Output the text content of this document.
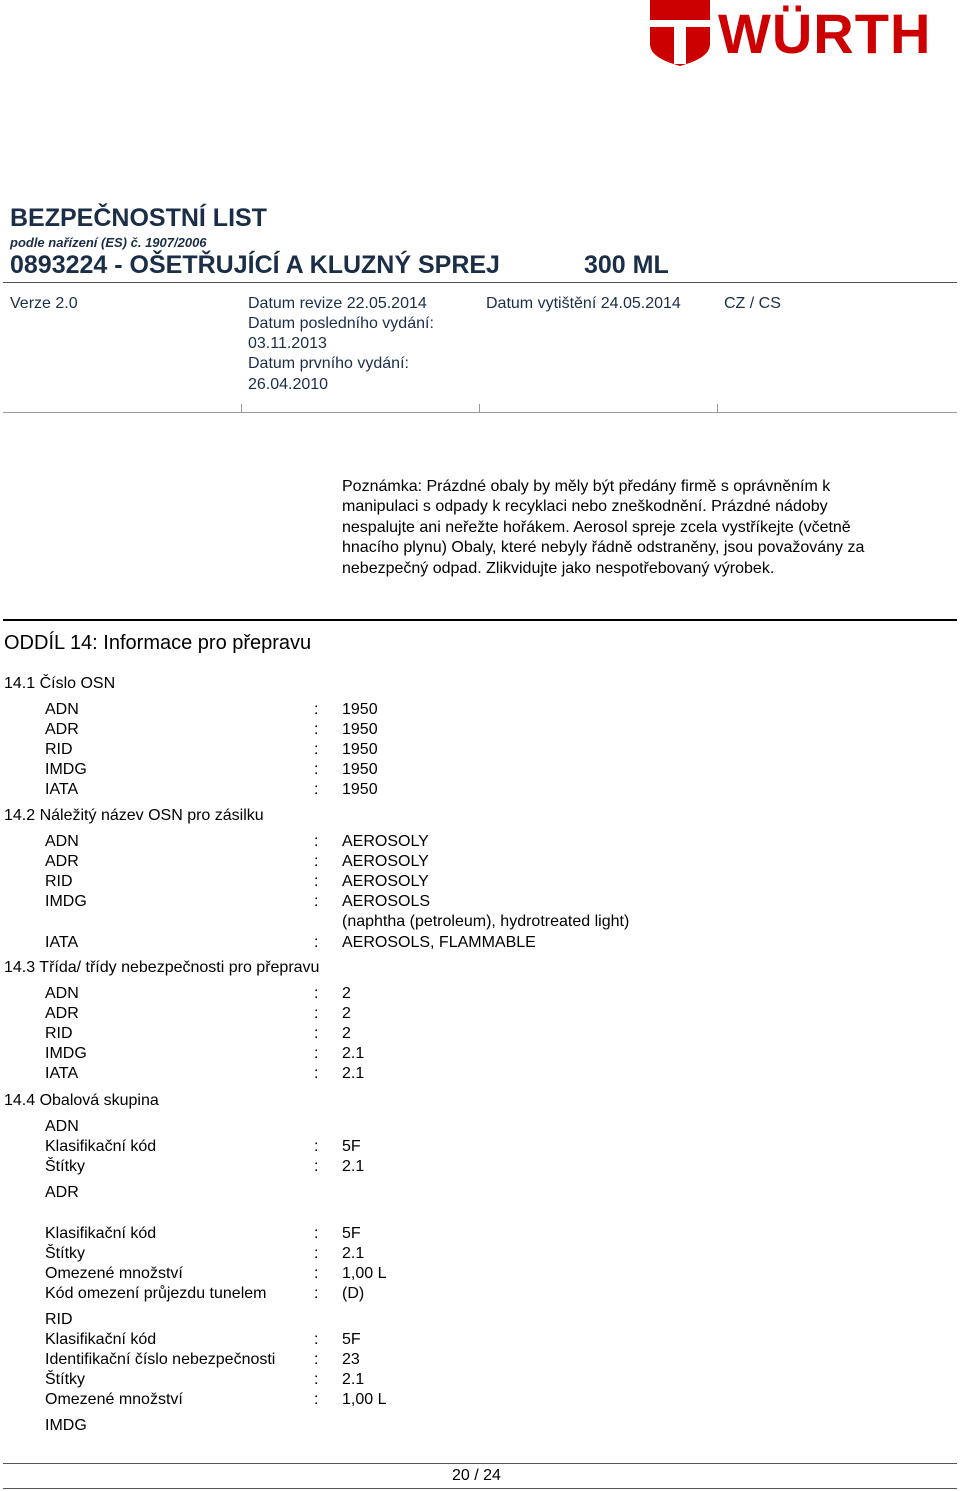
WÜRTH
BEZPEČNOSTNÍ LIST
podle nařízení (ES) č. 1907/2006
0893224 - OŠETŘUJÍCÍ A KLUZNÝ SPREJ	300 ML
Verze 2.0	Datum revize 22.05.2014
Datum posledního vydání:
03.11.2013
Datum prvního vydání:
26.04.2010
Datum vytištění 24.05.2014	CZ / CS
Poznámka: Prázdné obaly by měly být předány firmě s oprávněním k manipulaci s odpady k recyklaci nebo zneškodnění. Prázdné nádoby nespalujte ani neřežte hořákem. Aerosol spreje zcela vystříkejte (včetně hnacího plynu) Obaly, které nebyly řádně odstraněny, jsou považovány za nebezpečný odpad. Zlikvidujte jako nespotřebovaný výrobek.
ODDÍL 14: Informace pro přepravu
14.1 Číslo OSN
ADN	: 1950
ADR	: 1950
RID	: 1950
IMDG	: 1950
IATA	: 1950
14.2 Náležitý název OSN pro zásilku
ADN	: AEROSOLY
ADR	: AEROSOLY
RID	: AEROSOLY
IMDG	: AEROSOLS
(naphtha (petroleum), hydrotreated light)
IATA	: AEROSOLS, FLAMMABLE
14.3 Třída/ třídy nebezpečnosti pro přepravu
ADN	: 2
ADR	: 2
RID	: 2
IMDG	: 2.1
IATA	: 2.1
14.4 Obalová skupina
ADN
Klasifikační kód	: 5F
Štítky	: 2.1
ADR
Klasifikační kód	: 5F
Štítky	: 2.1
Omezené množství	: 1,00 L
Kód omezení průjezdu tunelem	: (D)
RID
Klasifikační kód	: 5F
Identifikační číslo nebezpečnosti : 23
Štítky	: 2.1
Omezené množství	: 1,00 L
IMDG
20 / 24
